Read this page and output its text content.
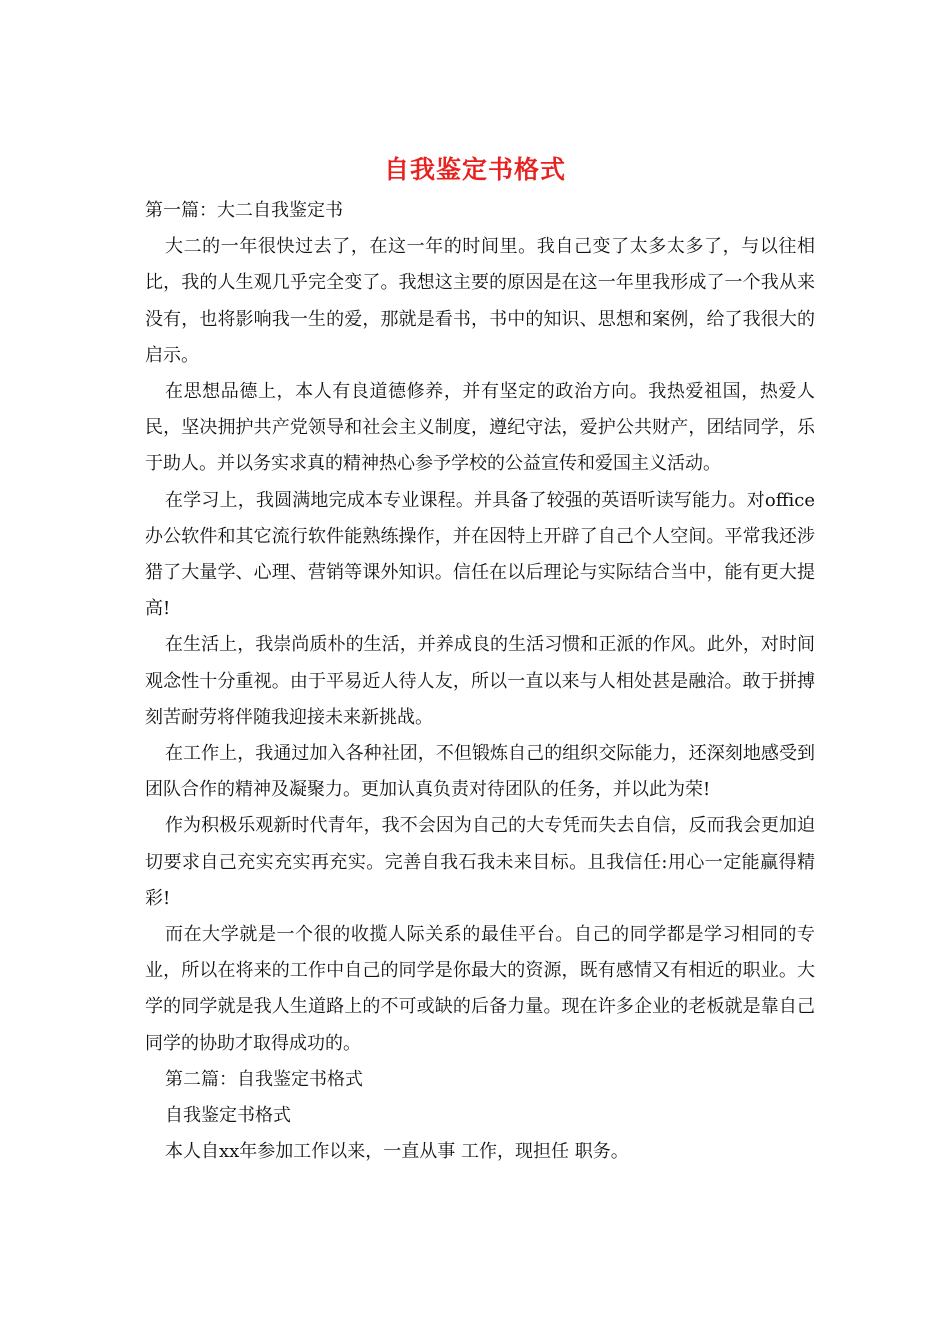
自我鉴定书格式

第一篇：大二自我鉴定书

大二的一年很快过去了，在这一年的时间里。我自己变了太多太多了，与以往相比，我的人生观几乎完全变了。我想这主要的原因是在这一年里我形成了一个我从来没有，也将影响我一生的爱，那就是看书，书中的知识、思想和案例，给了我很大的启示。

在思想品德上，本人有良道德修养，并有坚定的政治方向。我热爱祖国，热爱人民，坚决拥护共产党领导和社会主义制度，遵纪守法，爱护公共财产，团结同学，乐于助人。并以务实求真的精神热心参予学校的公益宣传和爱国主义活动。

在学习上，我圆满地完成本专业课程。并具备了较强的英语听读写能力。对office办公软件和其它流行软件能熟练操作，并在因特上开辟了自己个人空间。平常我还涉猎了大量学、心理、营销等课外知识。信任在以后理论与实际结合当中，能有更大提高!

在生活上，我崇尚质朴的生活，并养成良的生活习惯和正派的作风。此外，对时间观念性十分重视。由于平易近人待人友，所以一直以来与人相处甚是融洽。敢于拼搏刻苦耐劳将伴随我迎接未来新挑战。

在工作上，我通过加入各种社团，不但锻炼自己的组织交际能力，还深刻地感受到团队合作的精神及凝聚力。更加认真负责对待团队的任务，并以此为荣!

作为积极乐观新时代青年，我不会因为自己的大专凭而失去自信，反而我会更加迫切要求自己充实充实再充实。完善自我石我未来目标。且我信任:用心一定能赢得精彩!

而在大学就是一个很的收揽人际关系的最佳平台。自己的同学都是学习相同的专业，所以在将来的工作中自己的同学是你最大的资源，既有感情又有相近的职业。大学的同学就是我人生道路上的不可或缺的后备力量。现在许多企业的老板就是靠自己同学的协助才取得成功的。

第二篇：自我鉴定书格式

自我鉴定书格式

本人自xx年参加工作以来，一直从事 工作，现担任 职务。
